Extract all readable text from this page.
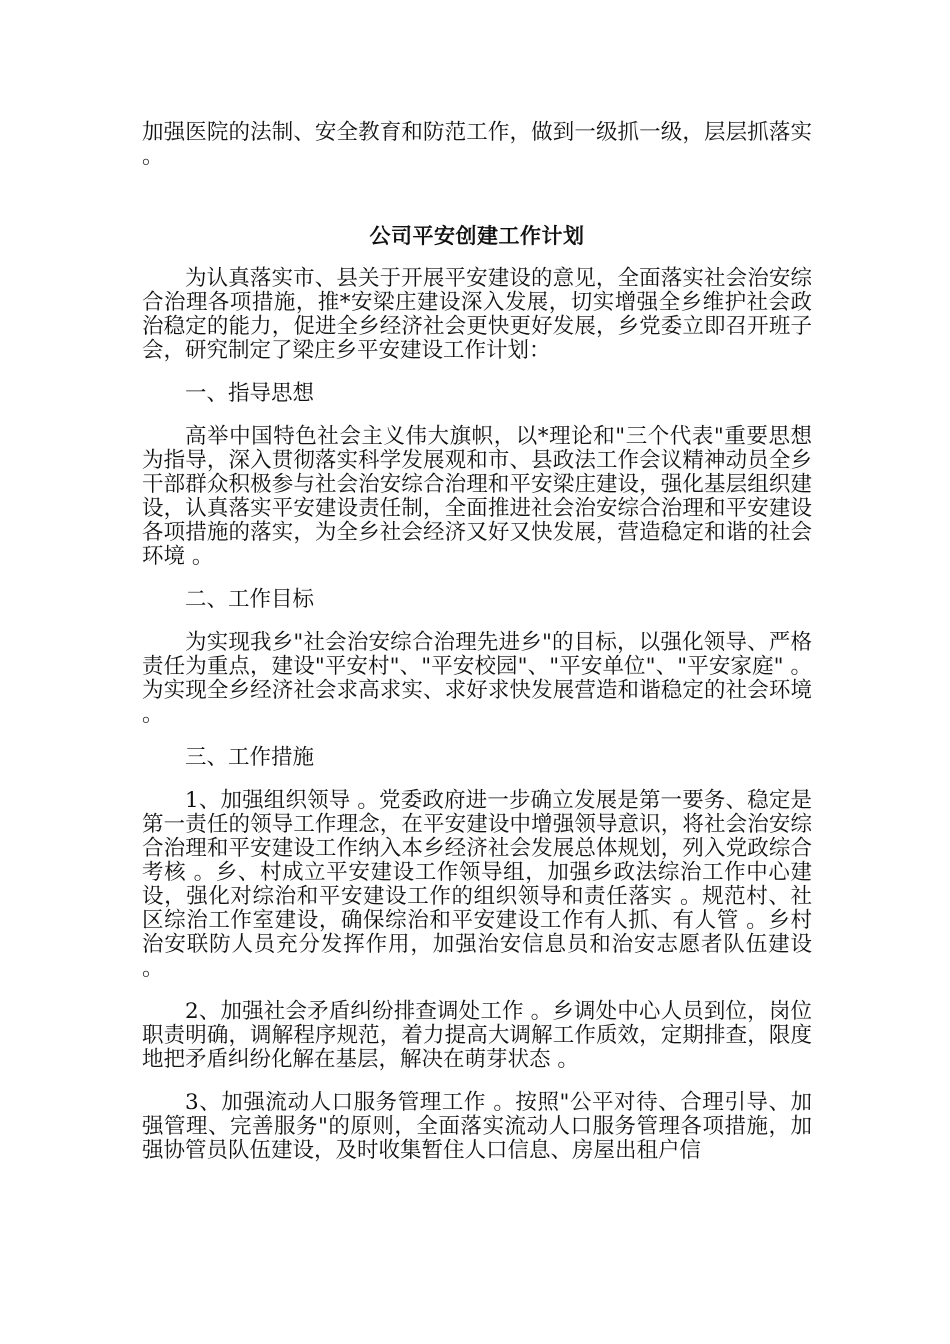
加强医院的法制、安全教育和防范工作，做到一级抓一级，层层抓落实 。

公司平安创建工作计划

为认真落实市、县关于开展平安建设的意见，全面落实社会治安综合治理各项措施，推*安梁庄建设深入发展，切实增强全乡维护社会政治稳定的能力，促进全乡经济社会更快更好发展，乡党委立即召开班子会，研究制定了梁庄乡平安建设工作计划：

一、指导思想

高举中国特色社会主义伟大旗帜，以*理论和"三个代表"重要思想为指导，深入贯彻落实科学发展观和市、县政法工作会议精神动员全乡干部群众积极参与社会治安综合治理和平安梁庄建设，强化基层组织建设，认真落实平安建设责任制，全面推进社会治安综合治理和平安建设各项措施的落实，为全乡社会经济又好又快发展，营造稳定和谐的社会环境 。

二、工作目标

为实现我乡"社会治安综合治理先进乡"的目标，以强化领导、严格责任为重点，建设"平安村"、"平安校园"、"平安单位"、"平安家庭" 。为实现全乡经济社会求高求实、求好求快发展营造和谐稳定的社会环境 。

三、工作措施

1、加强组织领导 。党委政府进一步确立发展是第一要务、稳定是第一责任的领导工作理念，在平安建设中增强领导意识，将社会治安综合治理和平安建设工作纳入本乡经济社会发展总体规划，列入党政综合考核 。乡、村成立平安建设工作领导组，加强乡政法综治工作中心建设，强化对综治和平安建设工作的组织领导和责任落实 。规范村、社区综治工作室建设，确保综治和平安建设工作有人抓、有人管 。乡村治安联防人员充分发挥作用，加强治安信息员和治安志愿者队伍建设 。

2、加强社会矛盾纠纷排查调处工作 。乡调处中心人员到位，岗位职责明确，调解程序规范，着力提高大调解工作质效，定期排查，限度地把矛盾纠纷化解在基层，解决在萌芽状态 。

3、加强流动人口服务管理工作 。按照"公平对待、合理引导、加强管理、完善服务"的原则，全面落实流动人口服务管理各项措施，加强协管员队伍建设，及时收集暂住人口信息、房屋出租户信
